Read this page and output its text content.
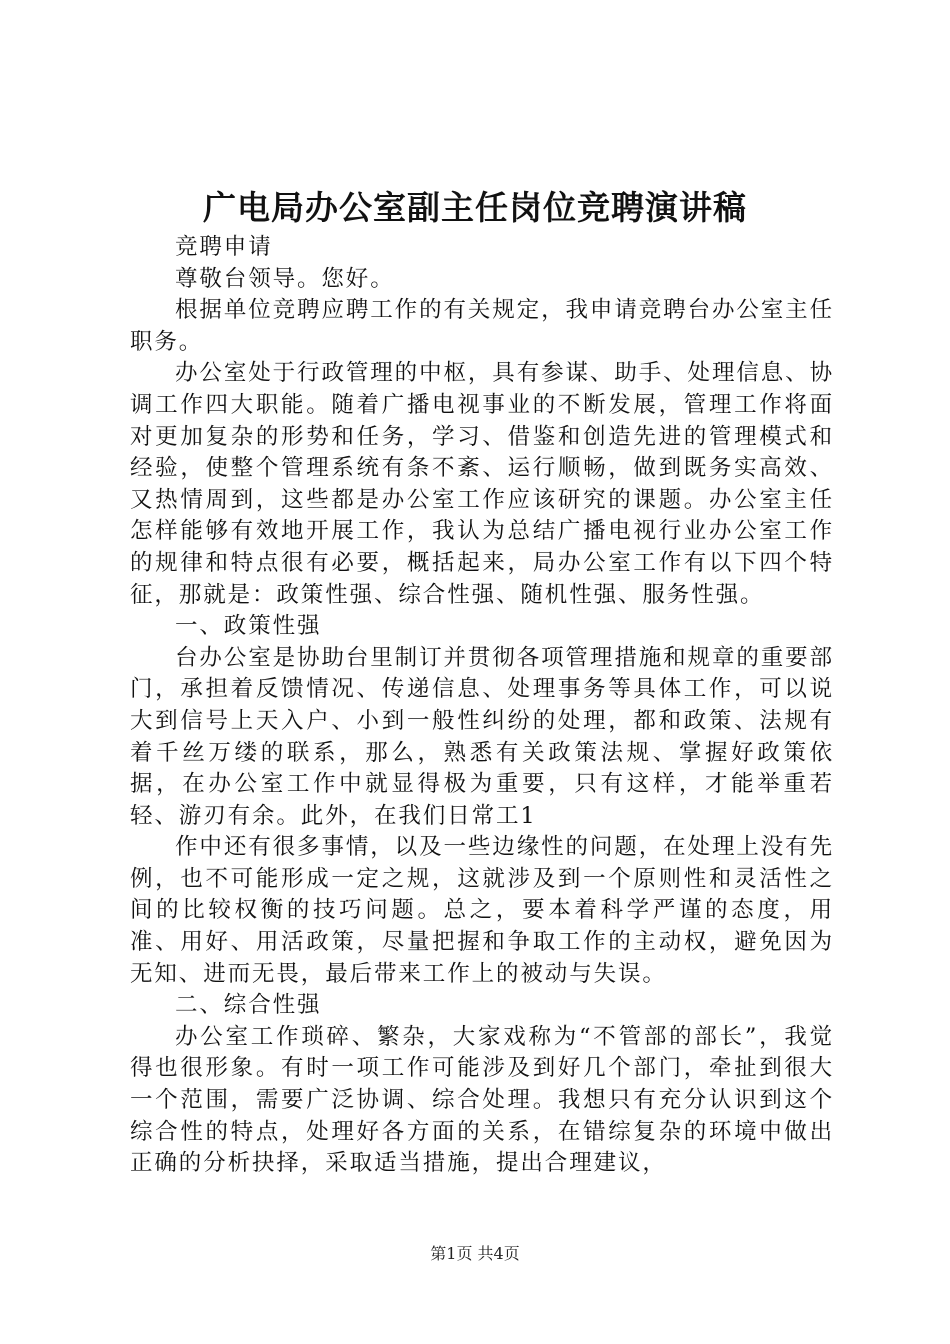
广电局办公室副主任岗位竞聘演讲稿

竞聘申请

尊敬台领导。您好。

根据单位竞聘应聘工作的有关规定，我申请竞聘台办公室主任职务。

办公室处于行政管理的中枢，具有参谋、助手、处理信息、协调工作四大职能。随着广播电视事业的不断发展，管理工作将面对更加复杂的形势和任务，学习、借鉴和创造先进的管理模式和经验，使整个管理系统有条不紊、运行顺畅，做到既务实高效、又热情周到，这些都是办公室工作应该研究的课题。办公室主任怎样能够有效地开展工作，我认为总结广播电视行业办公室工作的规律和特点很有必要，概括起来，局办公室工作有以下四个特征，那就是：政策性强、综合性强、随机性强、服务性强。

一、政策性强

台办公室是协助台里制订并贯彻各项管理措施和规章的重要部门，承担着反馈情况、传递信息、处理事务等具体工作，可以说大到信号上天入户、小到一般性纠纷的处理，都和政策、法规有着千丝万缕的联系，那么，熟悉有关政策法规、掌握好政策依据，在办公室工作中就显得极为重要，只有这样，才能举重若轻、游刃有余。此外，在我们日常工1

作中还有很多事情，以及一些边缘性的问题，在处理上没有先例，也不可能形成一定之规，这就涉及到一个原则性和灵活性之间的比较权衡的技巧问题。总之，要本着科学严谨的态度，用准、用好、用活政策，尽量把握和争取工作的主动权，避免因为无知、进而无畏，最后带来工作上的被动与失误。

二、综合性强

办公室工作琐碎、繁杂，大家戏称为“不管部的部长”，我觉得也很形象。有时一项工作可能涉及到好几个部门，牵扯到很大一个范围，需要广泛协调、综合处理。我想只有充分认识到这个综合性的特点，处理好各方面的关系，在错综复杂的环境中做出正确的分析抉择，采取适当措施，提出合理建议，

第1页 共4页
